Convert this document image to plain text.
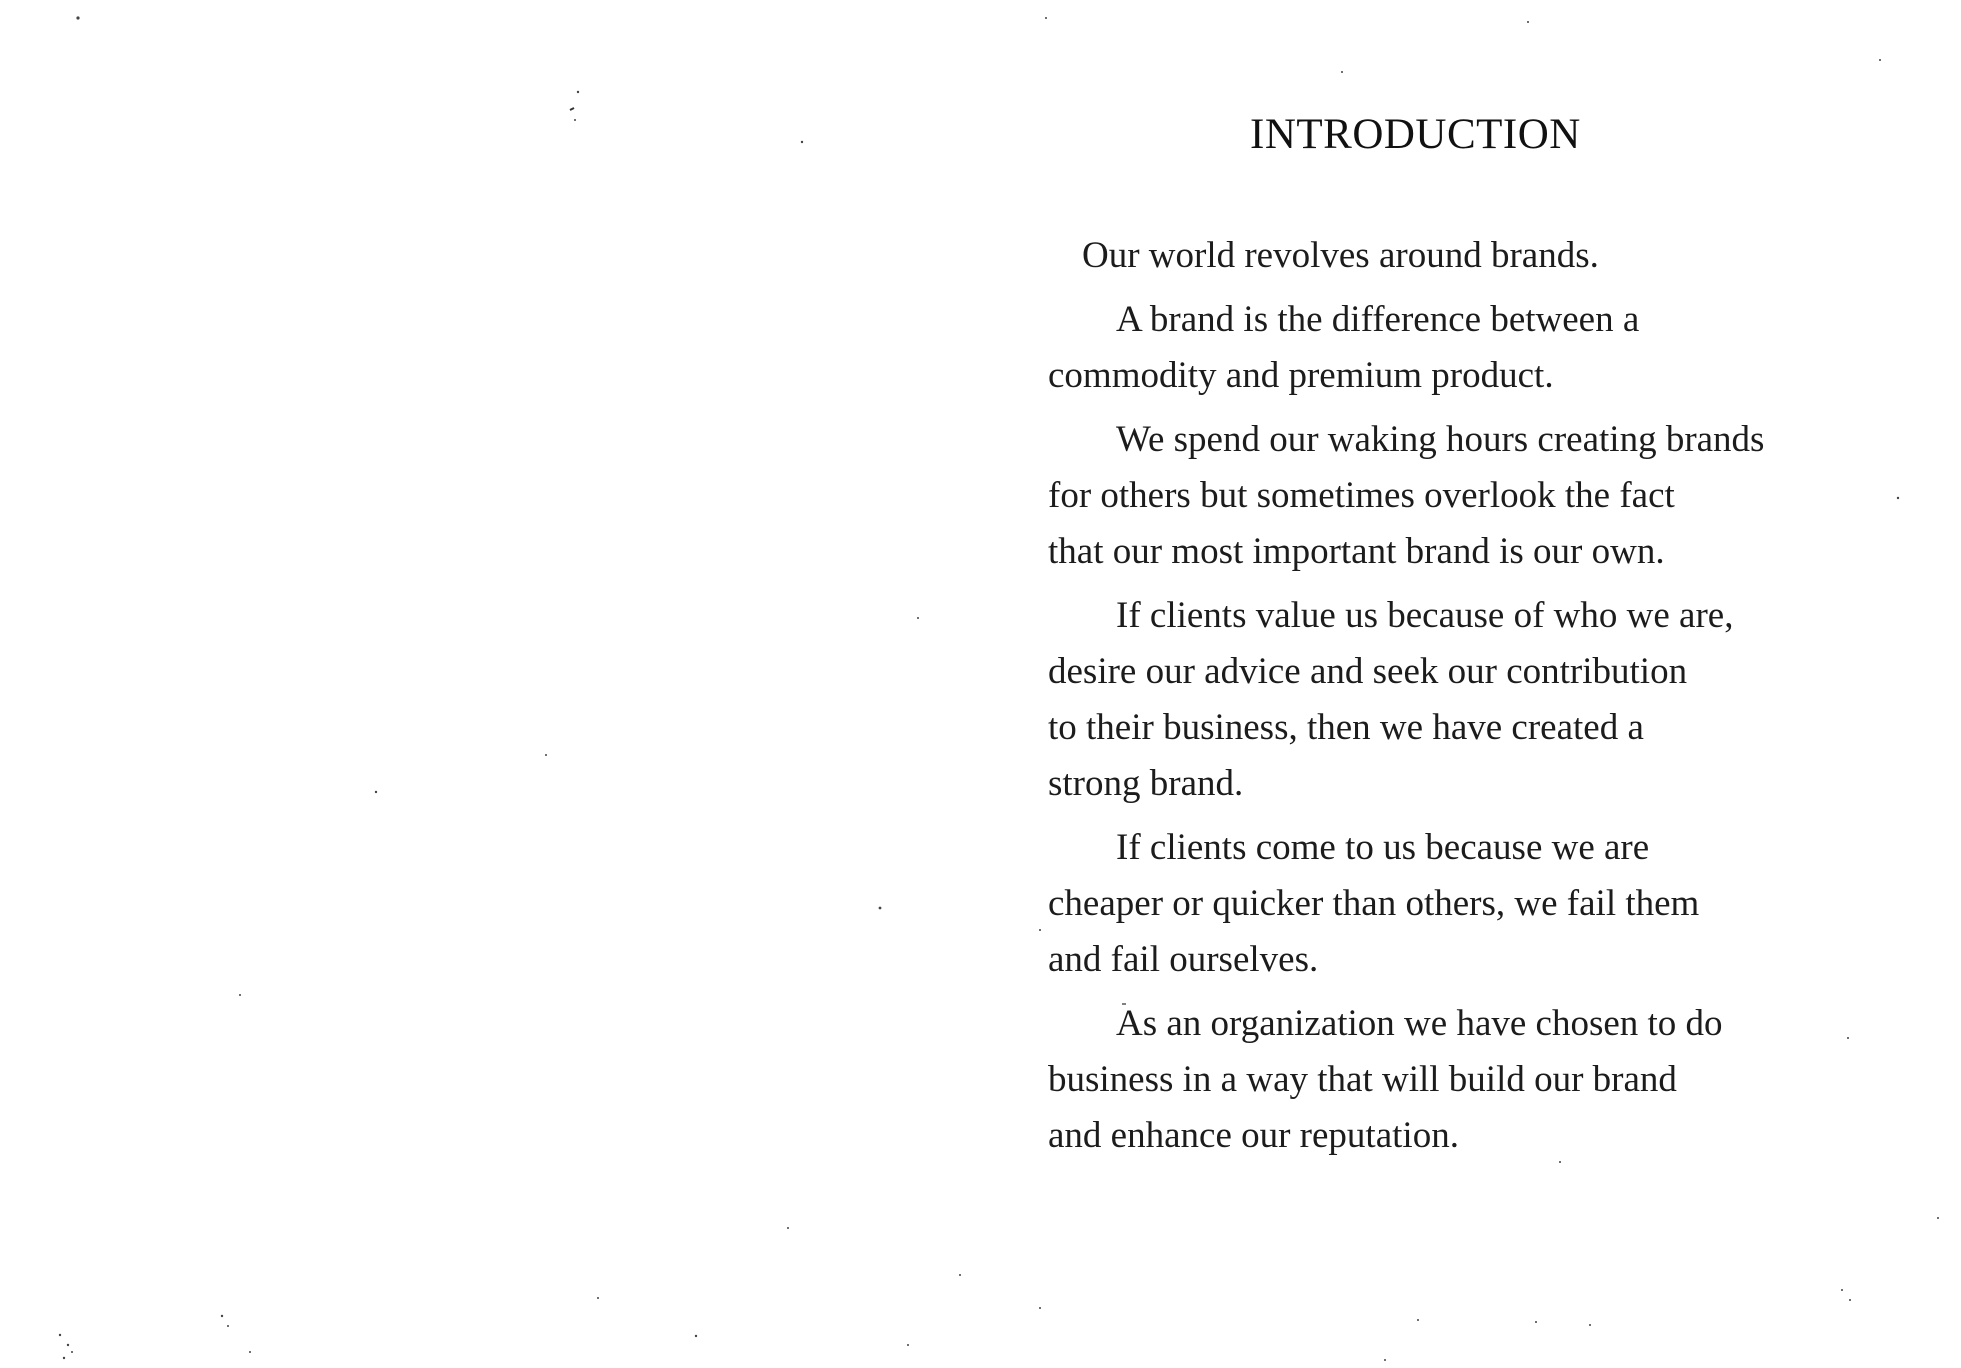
INTRODUCTION

Our world revolves around brands.

A brand is the difference between a
commodity and premium product.

We spend our waking hours creating brands
for others but sometimes overlook the fact
that our most important brand is our own.

If clients value us because of who we are,
desire our advice and seek our contribution
to their business, then we have created a
strong brand.

If clients come to us because we are
cheaper or quicker than others, we fail them
and fail ourselves.

As an organization we have chosen to do
business in a way that will build our brand
and enhance our reputation.
